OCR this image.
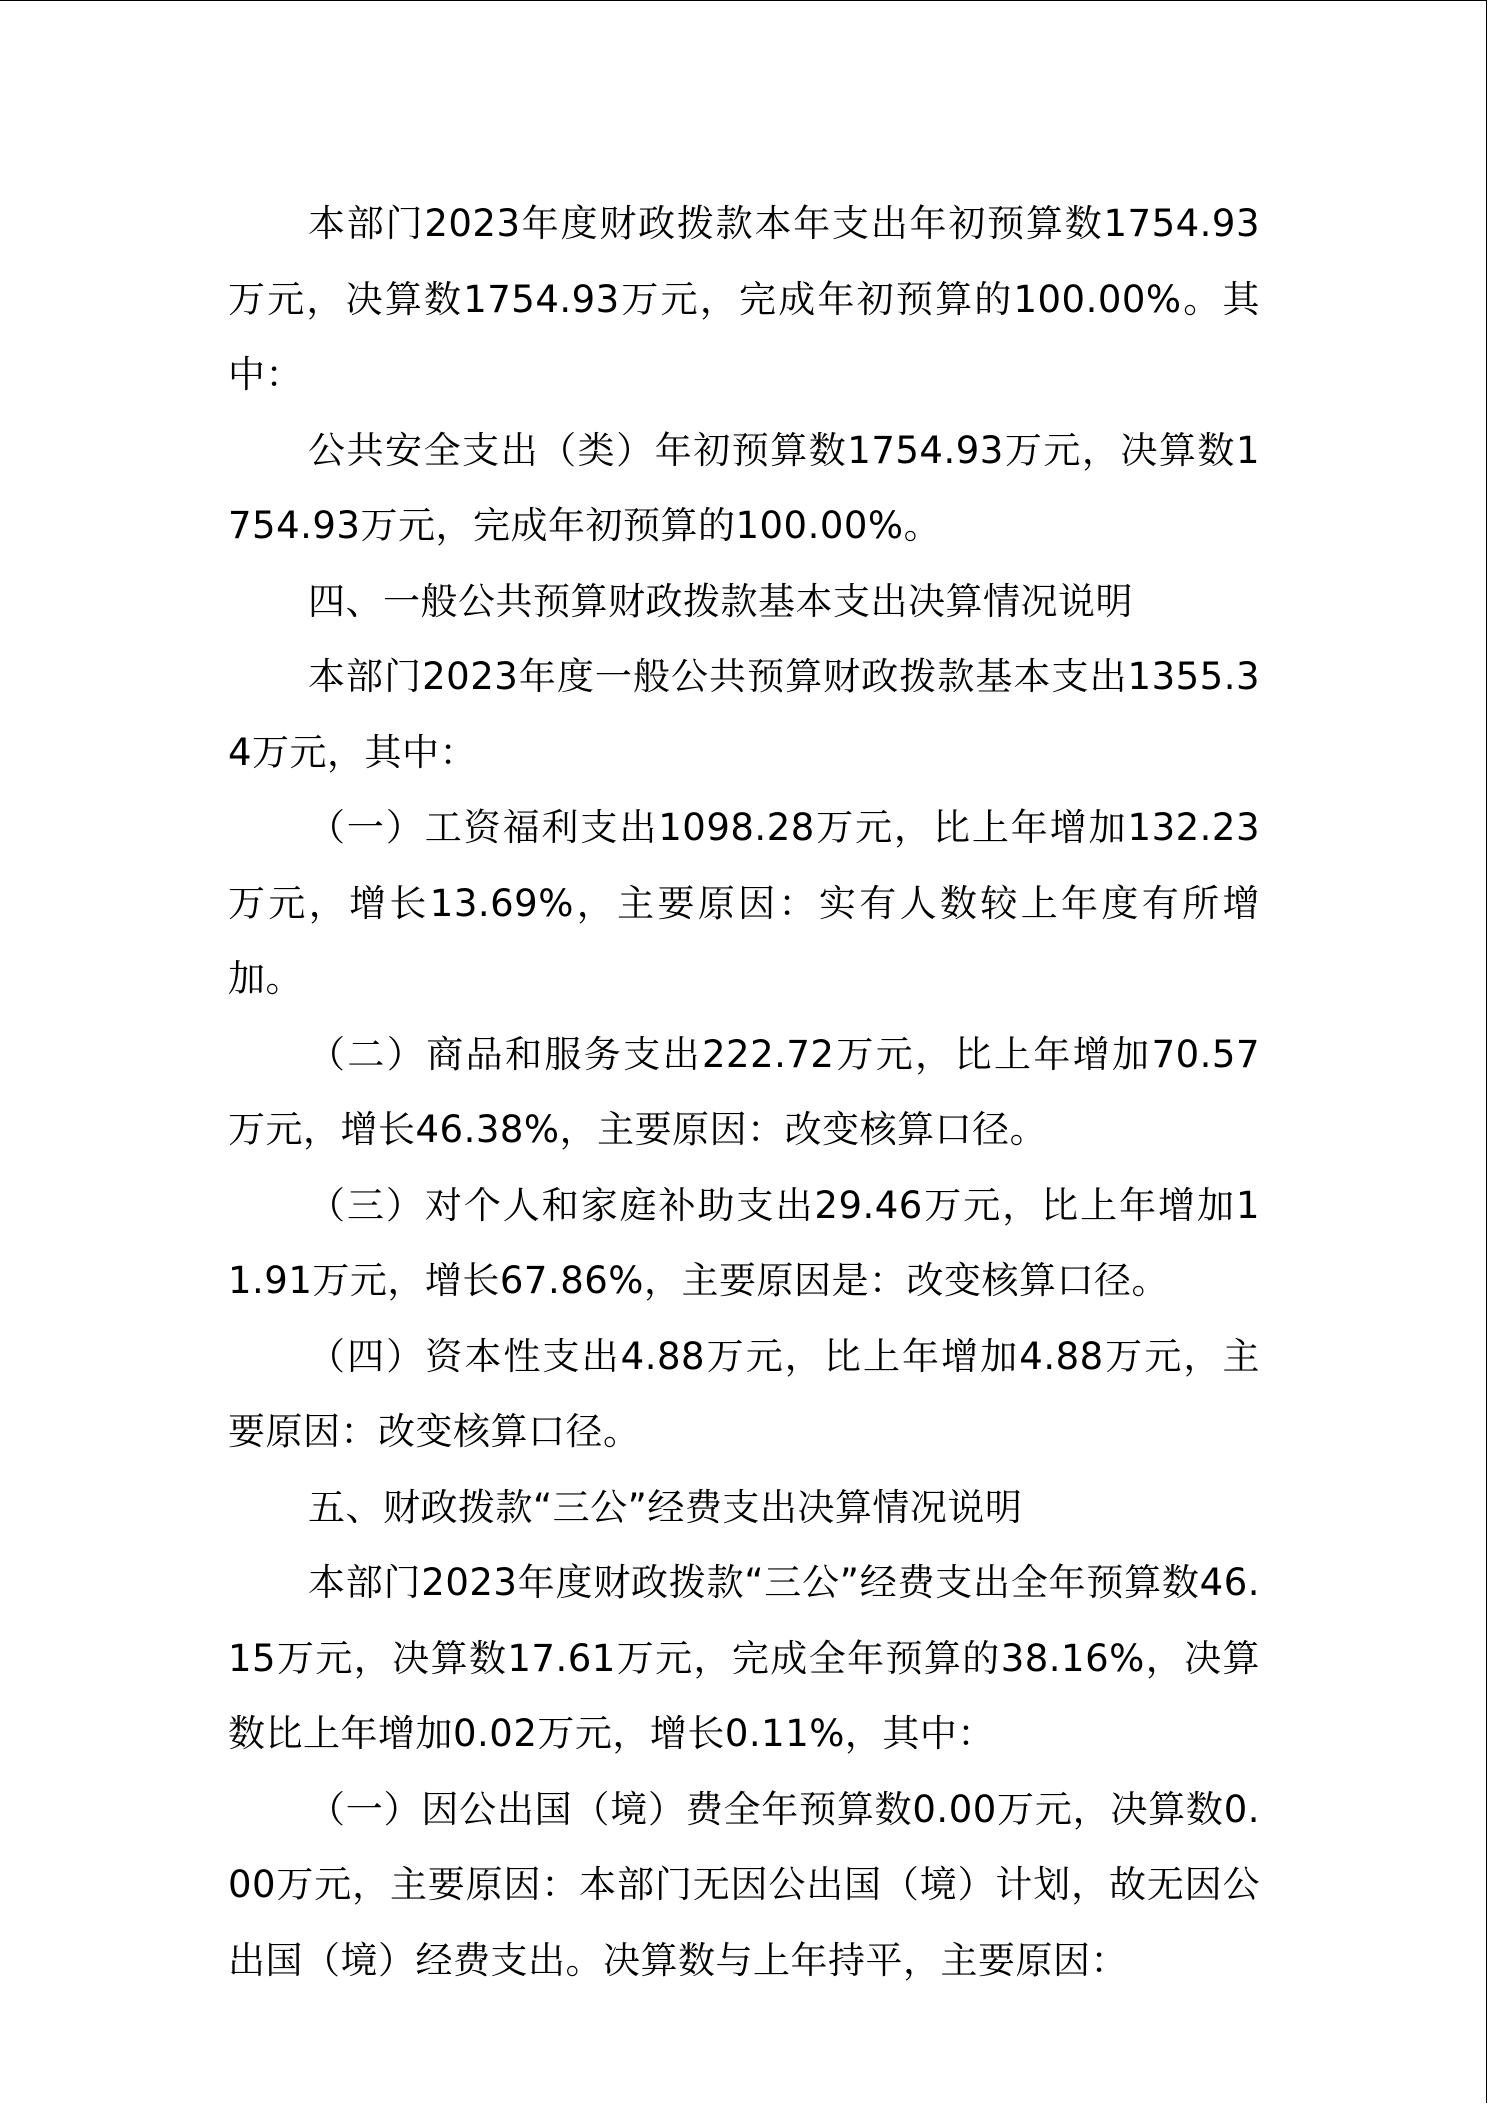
本部门2023年度财政拨款本年支出年初预算数1754.93万元，决算数1754.93万元，完成年初预算的100.00%。其中：

公共安全支出（类）年初预算数1754.93万元，决算数1754.93万元，完成年初预算的100.00%。

四、一般公共预算财政拨款基本支出决算情况说明

本部门2023年度一般公共预算财政拨款基本支出1355.34万元，其中：

（一）工资福利支出1098.28万元，比上年增加132.23万元，增长13.69%，主要原因：实有人数较上年度有所增加。

（二）商品和服务支出222.72万元，比上年增加70.57万元，增长46.38%，主要原因：改变核算口径。

（三）对个人和家庭补助支出29.46万元，比上年增加11.91万元，增长67.86%，主要原因是：改变核算口径。

（四）资本性支出4.88万元，比上年增加4.88万元，主要原因：改变核算口径。

五、财政拨款“三公”经费支出决算情况说明

本部门2023年度财政拨款“三公”经费支出全年预算数46.15万元，决算数17.61万元，完成全年预算的38.16%，决算数比上年增加0.02万元，增长0.11%，其中：

（一）因公出国（境）费全年预算数0.00万元，决算数0.00万元，主要原因：本部门无因公出国（境）计划，故无因公出国（境）经费支出。决算数与上年持平，主要原因：
